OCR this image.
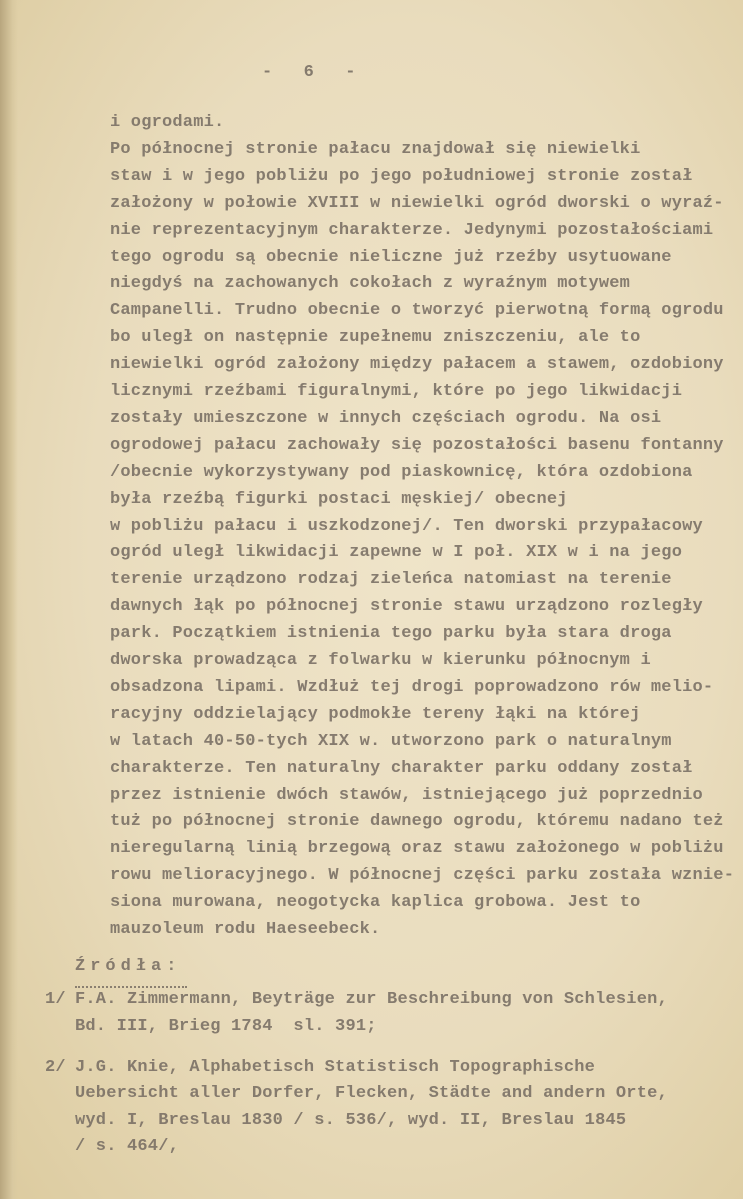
-   6   -
i ogrodami.
Po północnej stronie pałacu znajdował się niewielki
staw i w jego pobliżu po jego południowej stronie został
założony w połowie XVIII w niewielki ogród dworski o wyraź-
nie reprezentacyjnym charakterze. Jedynymi pozostałościami
tego ogrodu są obecnie nieliczne już rzeźby usytuowane
niegdyś na zachowanych cokołach z wyraźnym motywem
Campanelli. Trudno obecnie o tworzyć pierwotną formą ogrodu
bo uległ on następnie zupełnemu zniszczeniu, ale to
niewielki ogród założony między pałacem a stawem, ozdobiony
licznymi rzeźbami figuralnymi, które po jego likwidacji
zostały umieszczone w innych częściach ogrodu. Na osi
ogrodowej pałacu zachowały się pozostałości basenu fontanny
/obecnie wykorzystywany pod piaskownicę, która ozdobiona
była rzeźbą figurki postaci męskiej/ obecnej
w pobliżu pałacu i uszkodzonej/. Ten dworski przypałacowy
ogród uległ likwidacji zapewne w I poł. XIX w i na jego
terenie urządzono rodzaj zieleńca natomiast na terenie
dawnych łąk po północnej stronie stawu urządzono rozległy
park. Początkiem istnienia tego parku była stara droga
dworska prowadząca z folwarku w kierunku północnym i
obsadzona lipami. Wzdłuż tej drogi poprowadzono rów melio-
racyjny oddzielający podmokłe tereny łąki na której
w latach 40-50-tych XIX w. utworzono park o naturalnym
charakterze. Ten naturalny charakter parku oddany został
przez istnienie dwóch stawów, istniejącego już poprzednio
tuż po północnej stronie dawnego ogrodu, któremu nadano też
nieregularną linią brzegową oraz stawu założonego w pobliżu
rowu melioracyjnego. W północnej części parku została wznie-
siona murowana, neogotycka kaplica grobowa. Jest to
mauzoleum rodu Haeseebeck.
Źródła:
1/ F.A. Zimmermann, Beyträge zur Beschreibung von Schlesien,
Bd. III, Brieg 1784  sl. 391;
2/ J.G. Knie, Alphabetisch Statistisch Topographische
Uebersicht aller Dorfer, Flecken, Städte and andern Orte,
wyd. I, Breslau 1830 / s. 536/, wyd. II, Breslau 1845
/ s. 464/,
